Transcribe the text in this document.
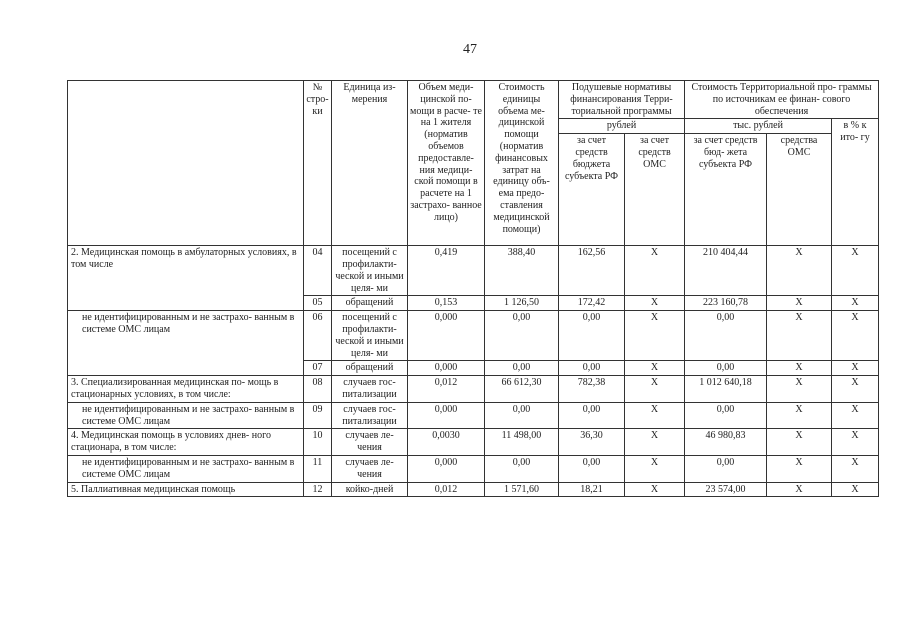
47
	№ стро- ки	Единица из- мерения	Объем меди- цинской по- мощи в расче- те на 1 жителя (норматив объемов предоставле- ния медици- ской помощи в расчете на 1 застрахо- ванное лицо)	Стоимость единицы объема ме- дицинской помощи (норматив финансовых затрат на единицу объ- ема предо- ставления медицинской помощи)	Подушевые нормативы финансирования Терри- ториальной программы		Стоимость Территориальной про- граммы по источникам ее финан- сового обеспечения		
					рублей		тыс. рублей		в % к ито- гу
					за счет средств бюджета субъекта РФ	за счет средств ОМС	за счет средств бюд- жета субъекта РФ	средства ОМС	
2. Медицинская помощь в амбулаторных условиях, в том числе	04	посещений с профилакти- ческой и иными целя- ми	0,419	388,40	162,56	X	210 404,44	X	X
	05	обращений	0,153	1 126,50	172,42	X	223 160,78	X	X
не идентифицированным и не застрахо- ванным в системе ОМС лицам	06	посещений с профилакти- ческой и иными целя- ми	0,000	0,00	0,00	X	0,00	X	X
	07	обращений	0,000	0,00	0,00	X	0,00	X	X
3. Специализированная медицинская по- мощь в стационарных условиях, в том числе:	08	случаев гос- питализации	0,012	66 612,30	782,38	X	1 012 640,18	X	X
не идентифицированным и не застрахо- ванным в системе ОМС лицам	09	случаев гос- питализации	0,000	0,00	0,00	X	0,00	X	X
4. Медицинская помощь в условиях днев- ного стационара, в том числе:	10	случаев ле- чения	0,0030	11 498,00	36,30	X	46 980,83	X	X
не идентифицированным и не застрахо- ванным в системе ОМС лицам	11	случаев ле- чения	0,000	0,00	0,00	X	0,00	X	X
5. Паллиативная медицинская помощь	12	койко-дней	0,012	1 571,60	18,21	X	23 574,00	X	X
